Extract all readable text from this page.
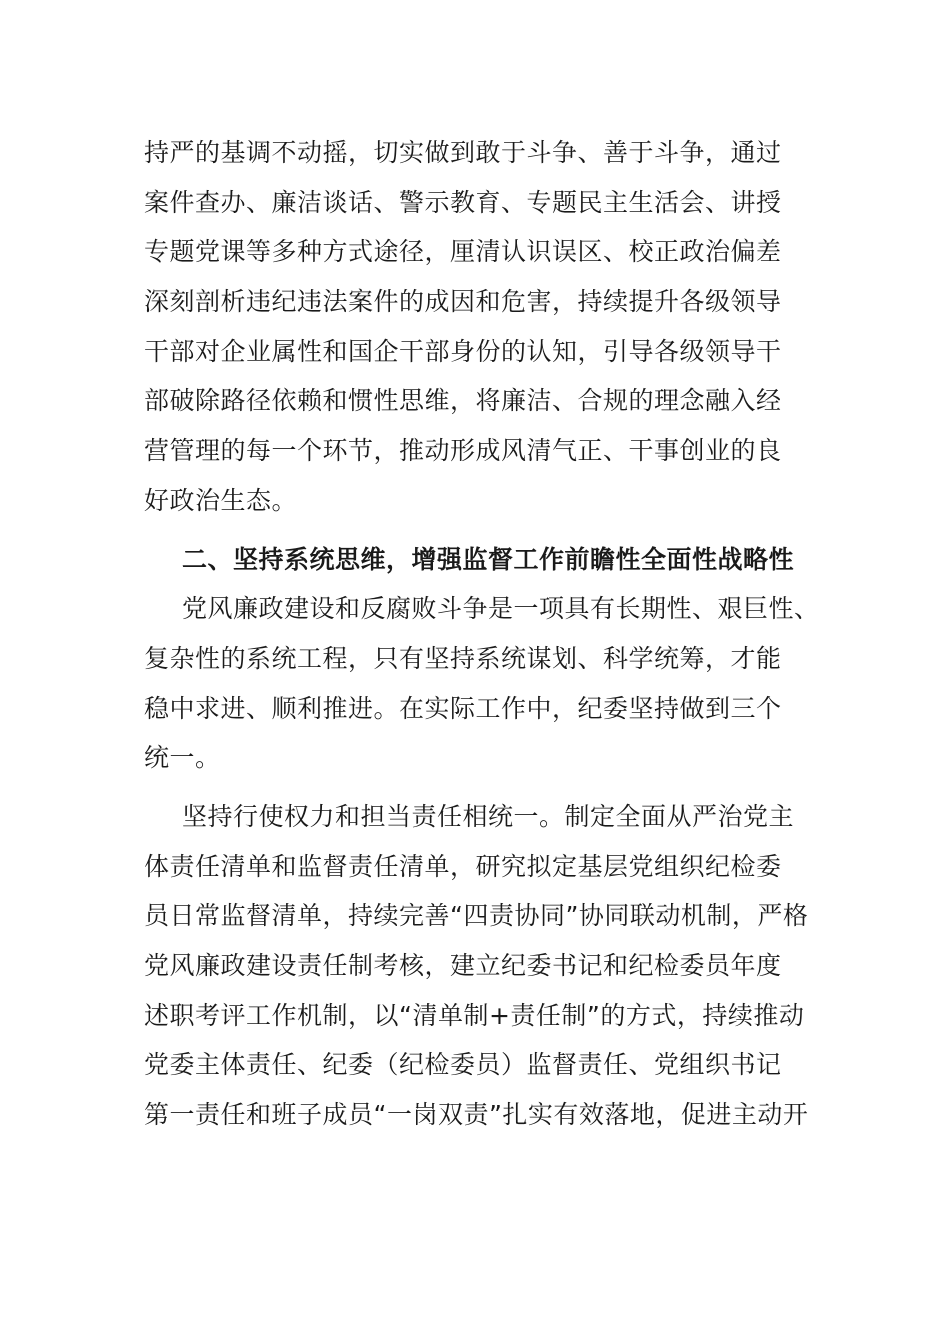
持严的基调不动摇，切实做到敢于斗争、善于斗争，通过
案件查办、廉洁谈话、警示教育、专题民主生活会、讲授
专题党课等多种方式途径，厘清认识误区、校正政治偏差
深刻剖析违纪违法案件的成因和危害，持续提升各级领导
干部对企业属性和国企干部身份的认知，引导各级领导干
部破除路径依赖和惯性思维，将廉洁、合规的理念融入经
营管理的每一个环节，推动形成风清气正、干事创业的良
好政治生态。
二、坚持系统思维，增强监督工作前瞻性全面性战略性
党风廉政建设和反腐败斗争是一项具有长期性、艰巨性、
复杂性的系统工程，只有坚持系统谋划、科学统筹，才能
稳中求进、顺利推进。在实际工作中，纪委坚持做到三个
统一。
坚持行使权力和担当责任相统一。制定全面从严治党主
体责任清单和监督责任清单，研究拟定基层党组织纪检委
员日常监督清单，持续完善“四责协同”协同联动机制，严格
党风廉政建设责任制考核，建立纪委书记和纪检委员年度
述职考评工作机制，以“清单制+责任制”的方式，持续推动
党委主体责任、纪委（纪检委员）监督责任、党组织书记
第一责任和班子成员“一岗双责”扎实有效落地，促进主动开
